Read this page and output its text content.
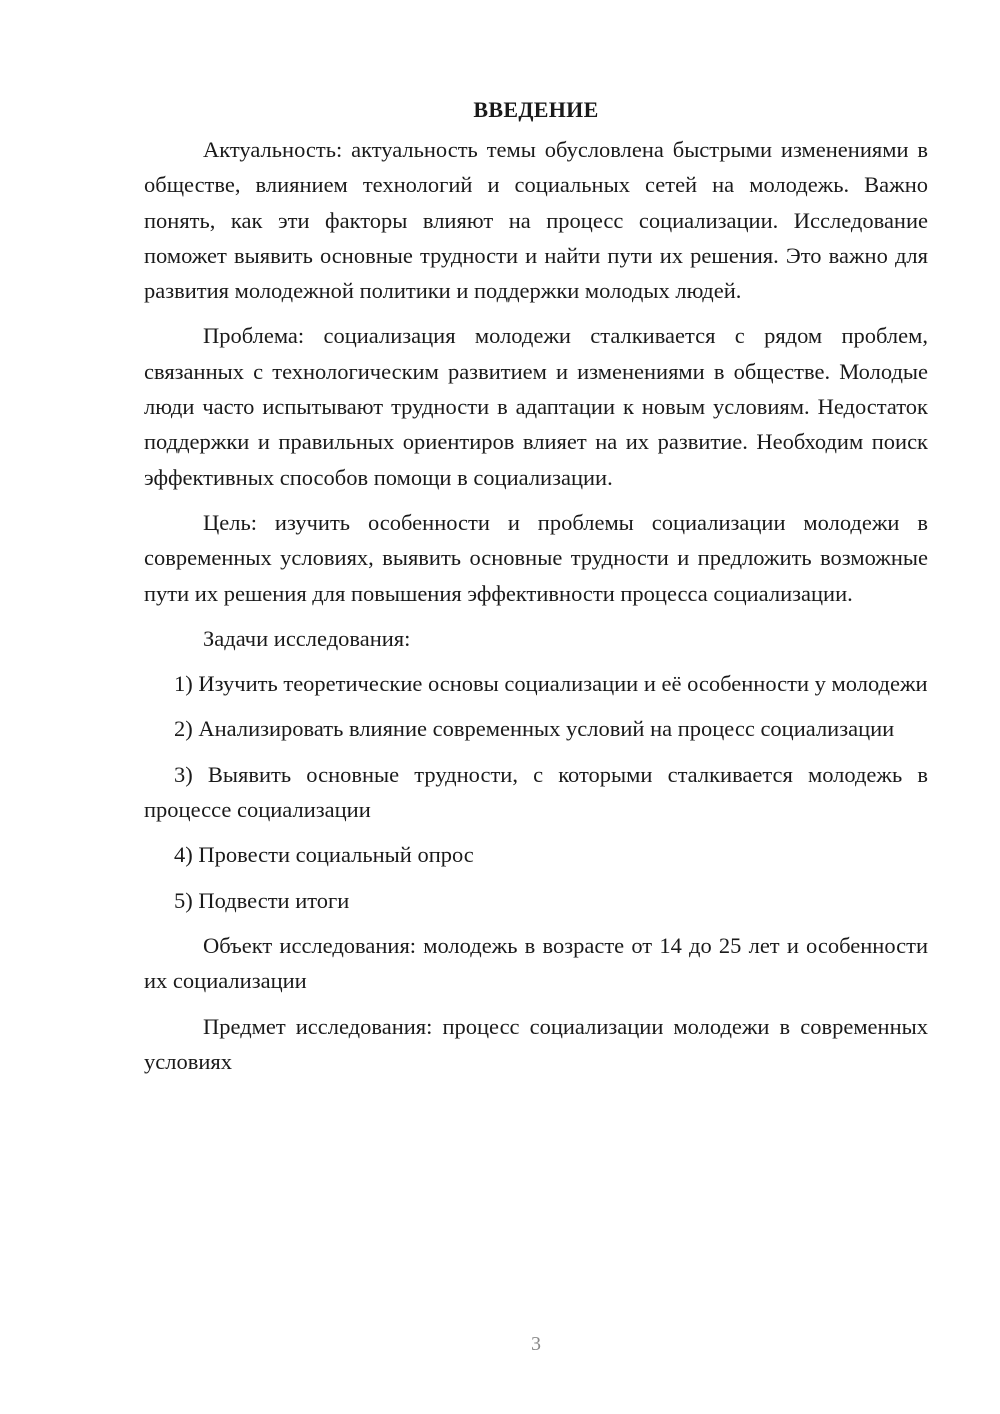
ВВЕДЕНИЕ

Актуальность: актуальность темы обусловлена быстрыми изменениями в обществе, влиянием технологий и социальных сетей на молодежь. Важно понять, как эти факторы влияют на процесс социализации. Исследование поможет выявить основные трудности и найти пути их решения. Это важно для развития молодежной политики и поддержки молодых людей.

Проблема: социализация молодежи сталкивается с рядом проблем, связанных с технологическим развитием и изменениями в обществе. Молодые люди часто испытывают трудности в адаптации к новым условиям. Недостаток поддержки и правильных ориентиров влияет на их развитие. Необходим поиск эффективных способов помощи в социализации.

Цель: изучить особенности и проблемы социализации молодежи в современных условиях, выявить основные трудности и предложить возможные пути их решения для повышения эффективности процесса социализации.

Задачи исследования:

1) Изучить теоретические основы социализации и её особенности у молодежи

2) Анализировать влияние современных условий на процесс социализации

3) Выявить основные трудности, с которыми сталкивается молодежь в процессе социализации

4) Провести социальный опрос

5) Подвести итоги

Объект исследования: молодежь в возрасте от 14 до 25 лет и особенности их социализации

Предмет исследования: процесс социализации молодежи в современных условиях

3
